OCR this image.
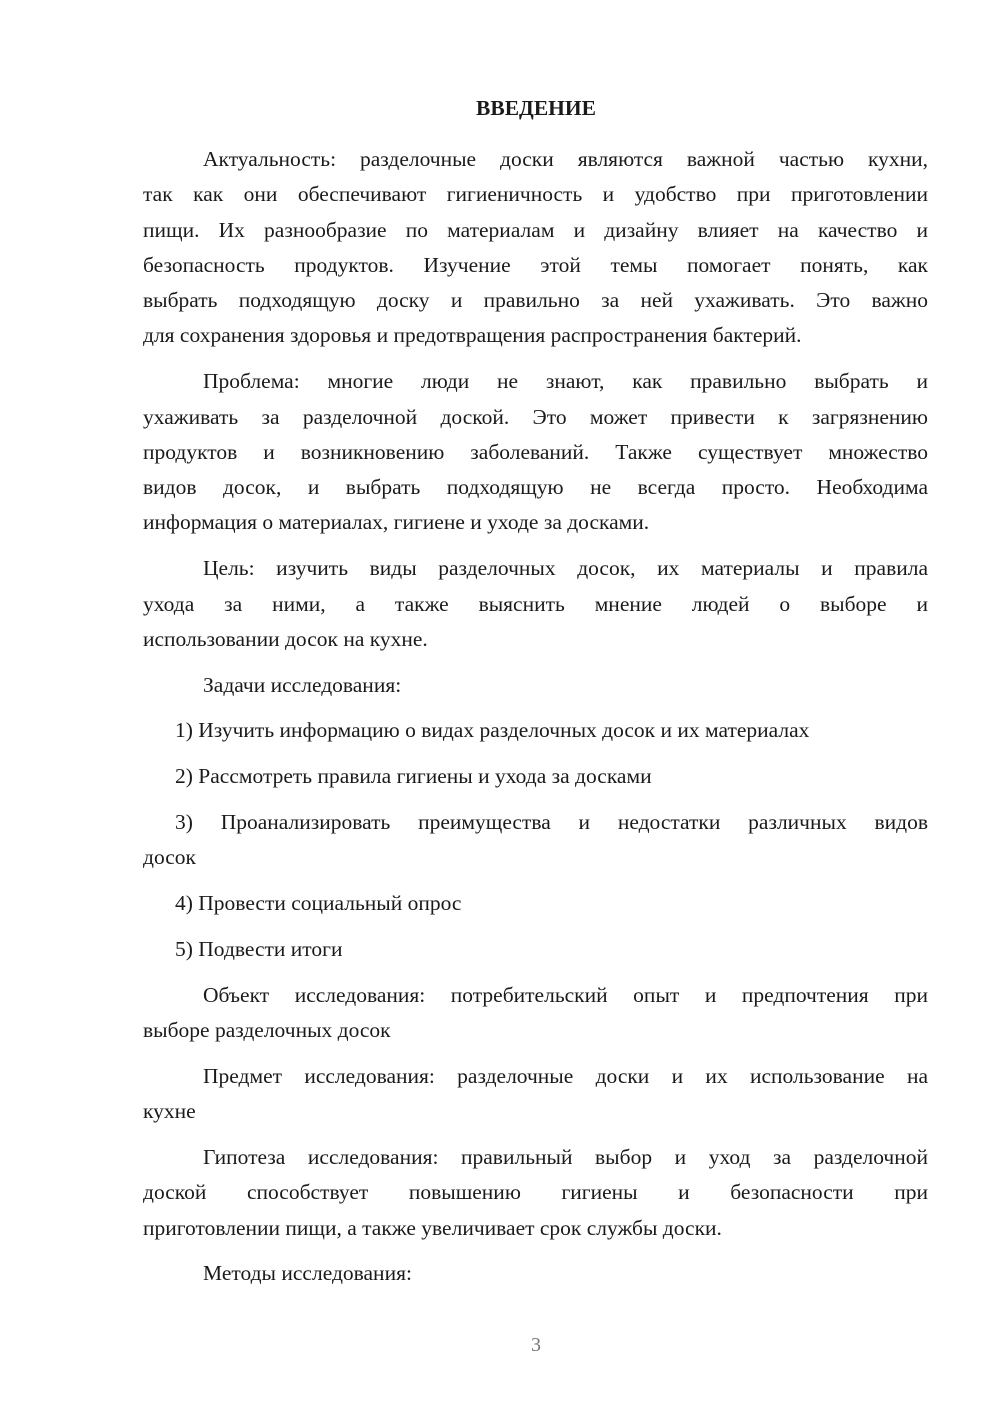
ВВЕДЕНИЕ
Актуальность: разделочные доски являются важной частью кухни,
так как они обеспечивают гигиеничность и удобство при приготовлении
пищи. Их разнообразие по материалам и дизайну влияет на качество и
безопасность продуктов. Изучение этой темы помогает понять, как
выбрать подходящую доску и правильно за ней ухаживать. Это важно
для сохранения здоровья и предотвращения распространения бактерий.
Проблема: многие люди не знают, как правильно выбрать и
ухаживать за разделочной доской. Это может привести к загрязнению
продуктов и возникновению заболеваний. Также существует множество
видов досок, и выбрать подходящую не всегда просто. Необходима
информация о материалах, гигиене и уходе за досками.
Цель: изучить виды разделочных досок, их материалы и правила
ухода за ними, а также выяснить мнение людей о выборе и
использовании досок на кухне.
Задачи исследования:
1) Изучить информацию о видах разделочных досок и их материалах
2) Рассмотреть правила гигиены и ухода за досками
3) Проанализировать преимущества и недостатки различных видов
досок
4) Провести социальный опрос
5) Подвести итоги
Объект исследования: потребительский опыт и предпочтения при
выборе разделочных досок
Предмет исследования: разделочные доски и их использование на
кухне
Гипотеза исследования: правильный выбор и уход за разделочной
доской способствует повышению гигиены и безопасности при
приготовлении пищи, а также увеличивает срок службы доски.
Методы исследования:
3
